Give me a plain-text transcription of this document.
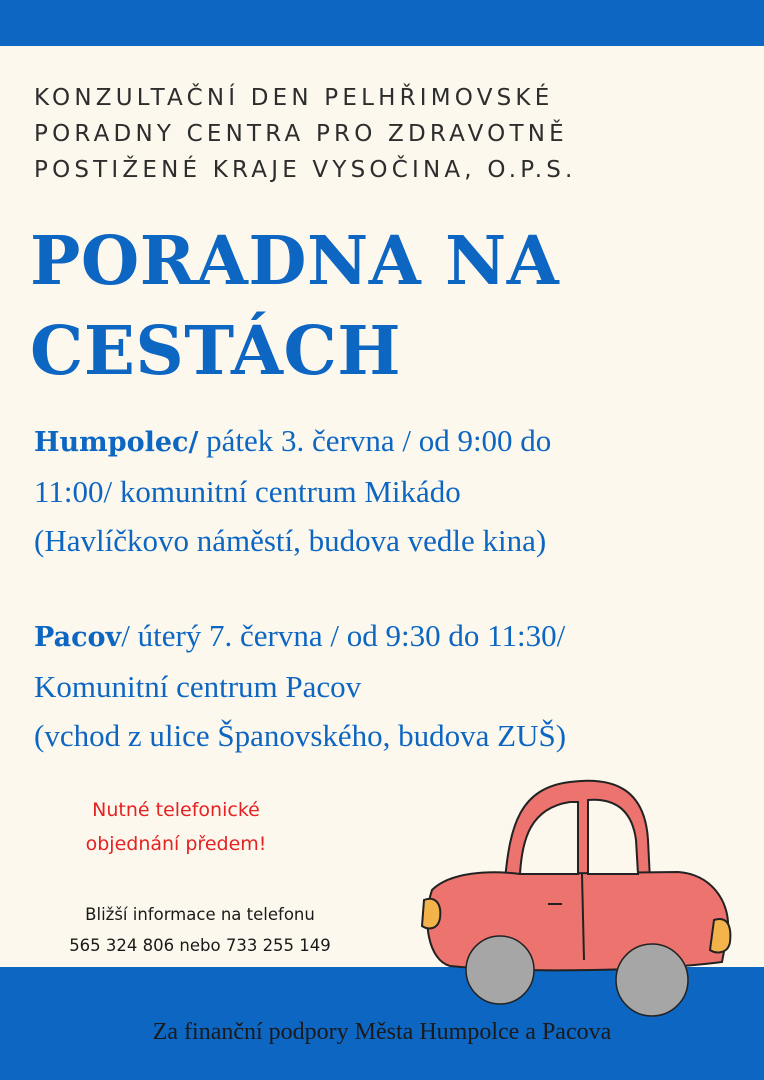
KONZULTAČNÍ DEN PELHŘIMOVSKÉ
PORADNY CENTRA PRO ZDRAVOTNĚ
POSTIŽENÉ KRAJE VYSOČINA, O.P.S.
PORADNA NA
CESTÁCH
Humpolec/ pátek 3. června / od 9:00 do
11:00/ komunitní centrum Mikádo
(Havlíčkovo náměstí, budova vedle kina)
Pacov/ úterý 7. června / od 9:30 do 11:30/
Komunitní centrum Pacov
(vchod z ulice Španovského, budova ZUŠ)
Nutné telefonické
objednání předem!
Bližší informace na telefonu
565 324 806 nebo 733 255 149
Za finanční podpory Města Humpolce a Pacova
